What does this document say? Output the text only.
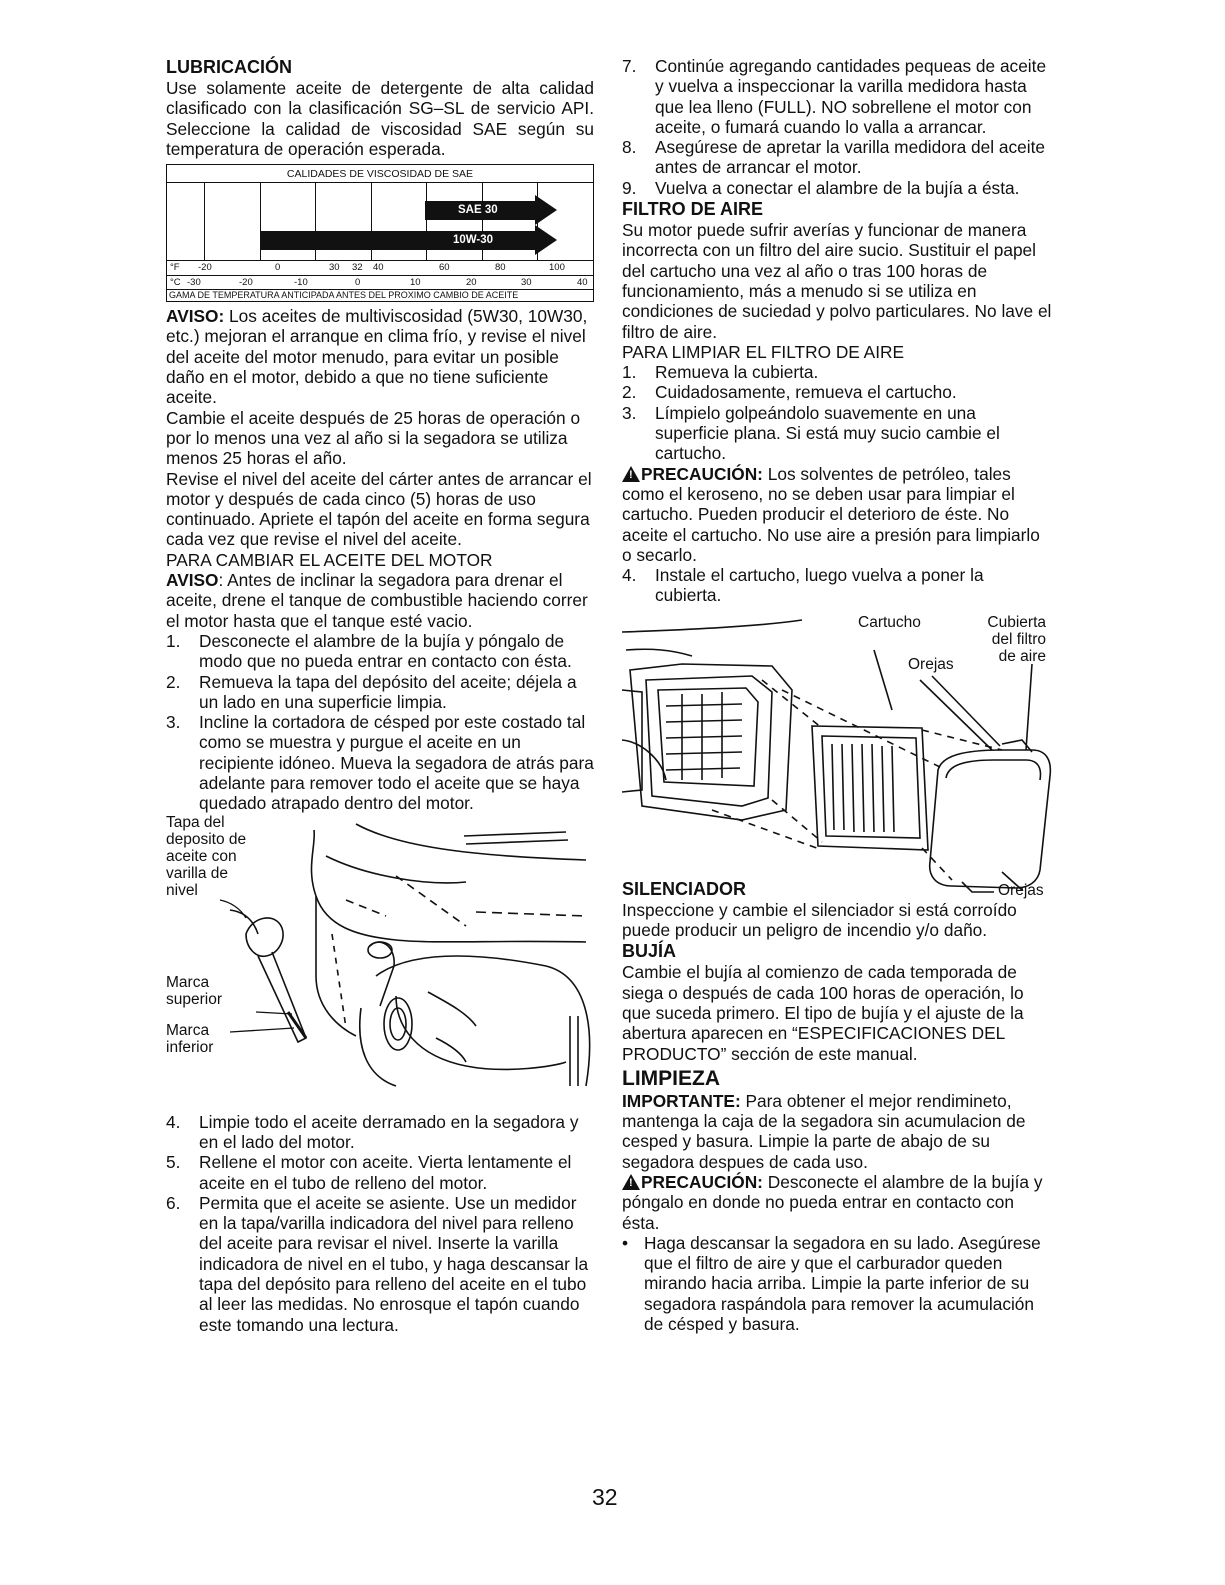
LUBRICACIÓN

Use solamente aceite de detergente de alta calidad clasificado con la clasificación SG–SL de servicio API. Seleccione la calidad de viscosidad SAE según su temperatura de operación esperada.

CALIDADES DE VISCOSIDAD DE SAE
SAE 30
10W-30
°F -20	0	30 32 40	60	80	100
°C -30	-20	-10	0	10	20	30	40
GAMA DE TEMPERATURA ANTICIPADA ANTES DEL PROXIMO CAMBIO DE ACEITE

AVISO: Los aceites de multiviscosidad (5W30, 10W30, etc.) mejoran el arranque en clima frío, y revise el nivel del aceite del motor menudo, para evitar un posible daño en el motor, debido a que no tiene suficiente aceite.

Cambie el aceite después de 25 horas de operación o por lo menos una vez al año si la segadora se utiliza menos 25 horas el año.

Revise el nivel del aceite del cárter antes de arrancar el motor y después de cada cinco (5) horas de uso continuado. Apriete el tapón del aceite en forma segura cada vez que revise el nivel del aceite.

PARA CAMBIAR EL ACEITE DEL MOTOR

AVISO: Antes de inclinar la segadora para drenar el aceite, drene el tanque de combustible haciendo correr el motor hasta que el tanque esté vacio.

1. Desconecte el alambre de la bujía y póngalo de modo que no pueda entrar en contacto con ésta.
2. Remueva la tapa del depósito del aceite; déjela a un lado en una superficie limpia.
3. Incline la cortadora de césped por este costado tal como se muestra y purgue el aceite en un recipiente idóneo. Mueva la segadora de atrás para adelante para remover todo el aceite que se haya quedado atrapado dentro del motor.
Tapa del
deposito de
aceite con
varilla de
nivel
Marca
superior
Marca
inferior
4. Limpie todo el aceite derramado en la segadora y en el lado del motor.
5. Rellene el motor con aceite. Vierta lentamente el aceite en el tubo de relleno del motor.
6. Permita que el aceite se asiente. Use un medidor en la tapa/varilla indicadora del nivel para relleno del aceite para revisar el nivel. Inserte la varilla indicadora de nivel en el tubo, y haga descansar la tapa del depósito para relleno del aceite en el tubo al leer las medidas. No enrosque el tapón cuando este tomando una lectura.
7. Continúe agregando cantidades pequeas de aceite y vuelva a inspeccionar la varilla medidora hasta que lea lleno (FULL). NO sobrellene el motor con aceite, o fumará cuando lo valla a arrancar.
8. Asegúrese de apretar la varilla medidora del aceite antes de arrancar el motor.
9. Vuelva a conectar el alambre de la bujía a ésta.
FILTRO DE AIRE

Su motor puede sufrir averías y funcionar de manera incorrecta con un filtro del aire sucio. Sustituir el papel del cartucho una vez al año o tras 100 horas de funcionamiento, más a menudo si se utiliza en condiciones de suciedad y polvo particulares. No lave el filtro de aire.

PARA LIMPIAR EL FILTRO DE AIRE

1. Remueva la cubierta.
2. Cuidadosamente, remueva el cartucho.
3. Límpielo golpeándolo suavemente en una superficie plana. Si está muy sucio cambie el cartucho.

!PRECAUCIÓN: Los solventes de petróleo, tales como el keroseno, no se deben usar para limpiar el cartucho. Pueden producir el deterioro de éste. No aceite el cartucho. No use aire a presión para limpiarlo o secarlo.

4. Instale el cartucho, luego vuelva a poner la cubierta.
Cartucho	Cubierta
del filtro
de aire
Orejas
Orejas
SILENCIADOR

Inspeccione y cambie el silenciador si está corroído puede producir un peligro de incendio y/o daño.

BUJÍA

Cambie el bujía al comienzo de cada temporada de siega o después de cada 100 horas de operación, lo que suceda primero. El tipo de bujía y el ajuste de la abertura aparecen en “ESPECIFICACIONES DEL PRODUCTO” sección de este manual.

LIMPIEZA

IMPORTANTE: Para obtener el mejor rendimineto, mantenga la caja de la segadora sin acumulacion de cesped y basura. Limpie la parte de abajo de su segadora despues de cada uso.

!PRECAUCIÓN: Desconecte el alambre de la bujía y póngalo en donde no pueda entrar en contacto con ésta.

• Haga descansar la segadora en su lado. Asegúrese que el filtro de aire y que el carburador queden mirando hacia arriba. Limpie la parte inferior de su segadora raspándola para remover la acumulación de césped y basura.
32
